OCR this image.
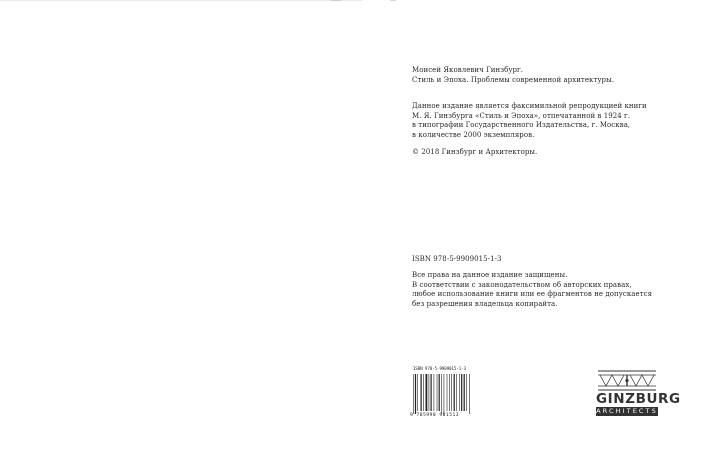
Моисей Яковлевич Гинзбург.
Стиль и Эпоха. Проблемы современной архитектуры.
Данное издание является факсимильной репродукцией книги
М. Я. Гинзбурга «Стиль и Эпоха», отпечатанной в 1924 г.
в типографии Государственного Издательства, г. Москва,
в количестве 2000 экземпляров.
© 2018 Гинзбург и Архитекторы.
ISBN 978-5-9909015-1-3
Все права на данное издание защищены.
В соответствии с законодательством об авторских правах,
любое использование книги или ее фрагментов не допускается
без разрешения владельца копирайта.
ISBN 978-5-9909015-1-3
9 785990 901513
GINZBURG
ARCHITECTS
